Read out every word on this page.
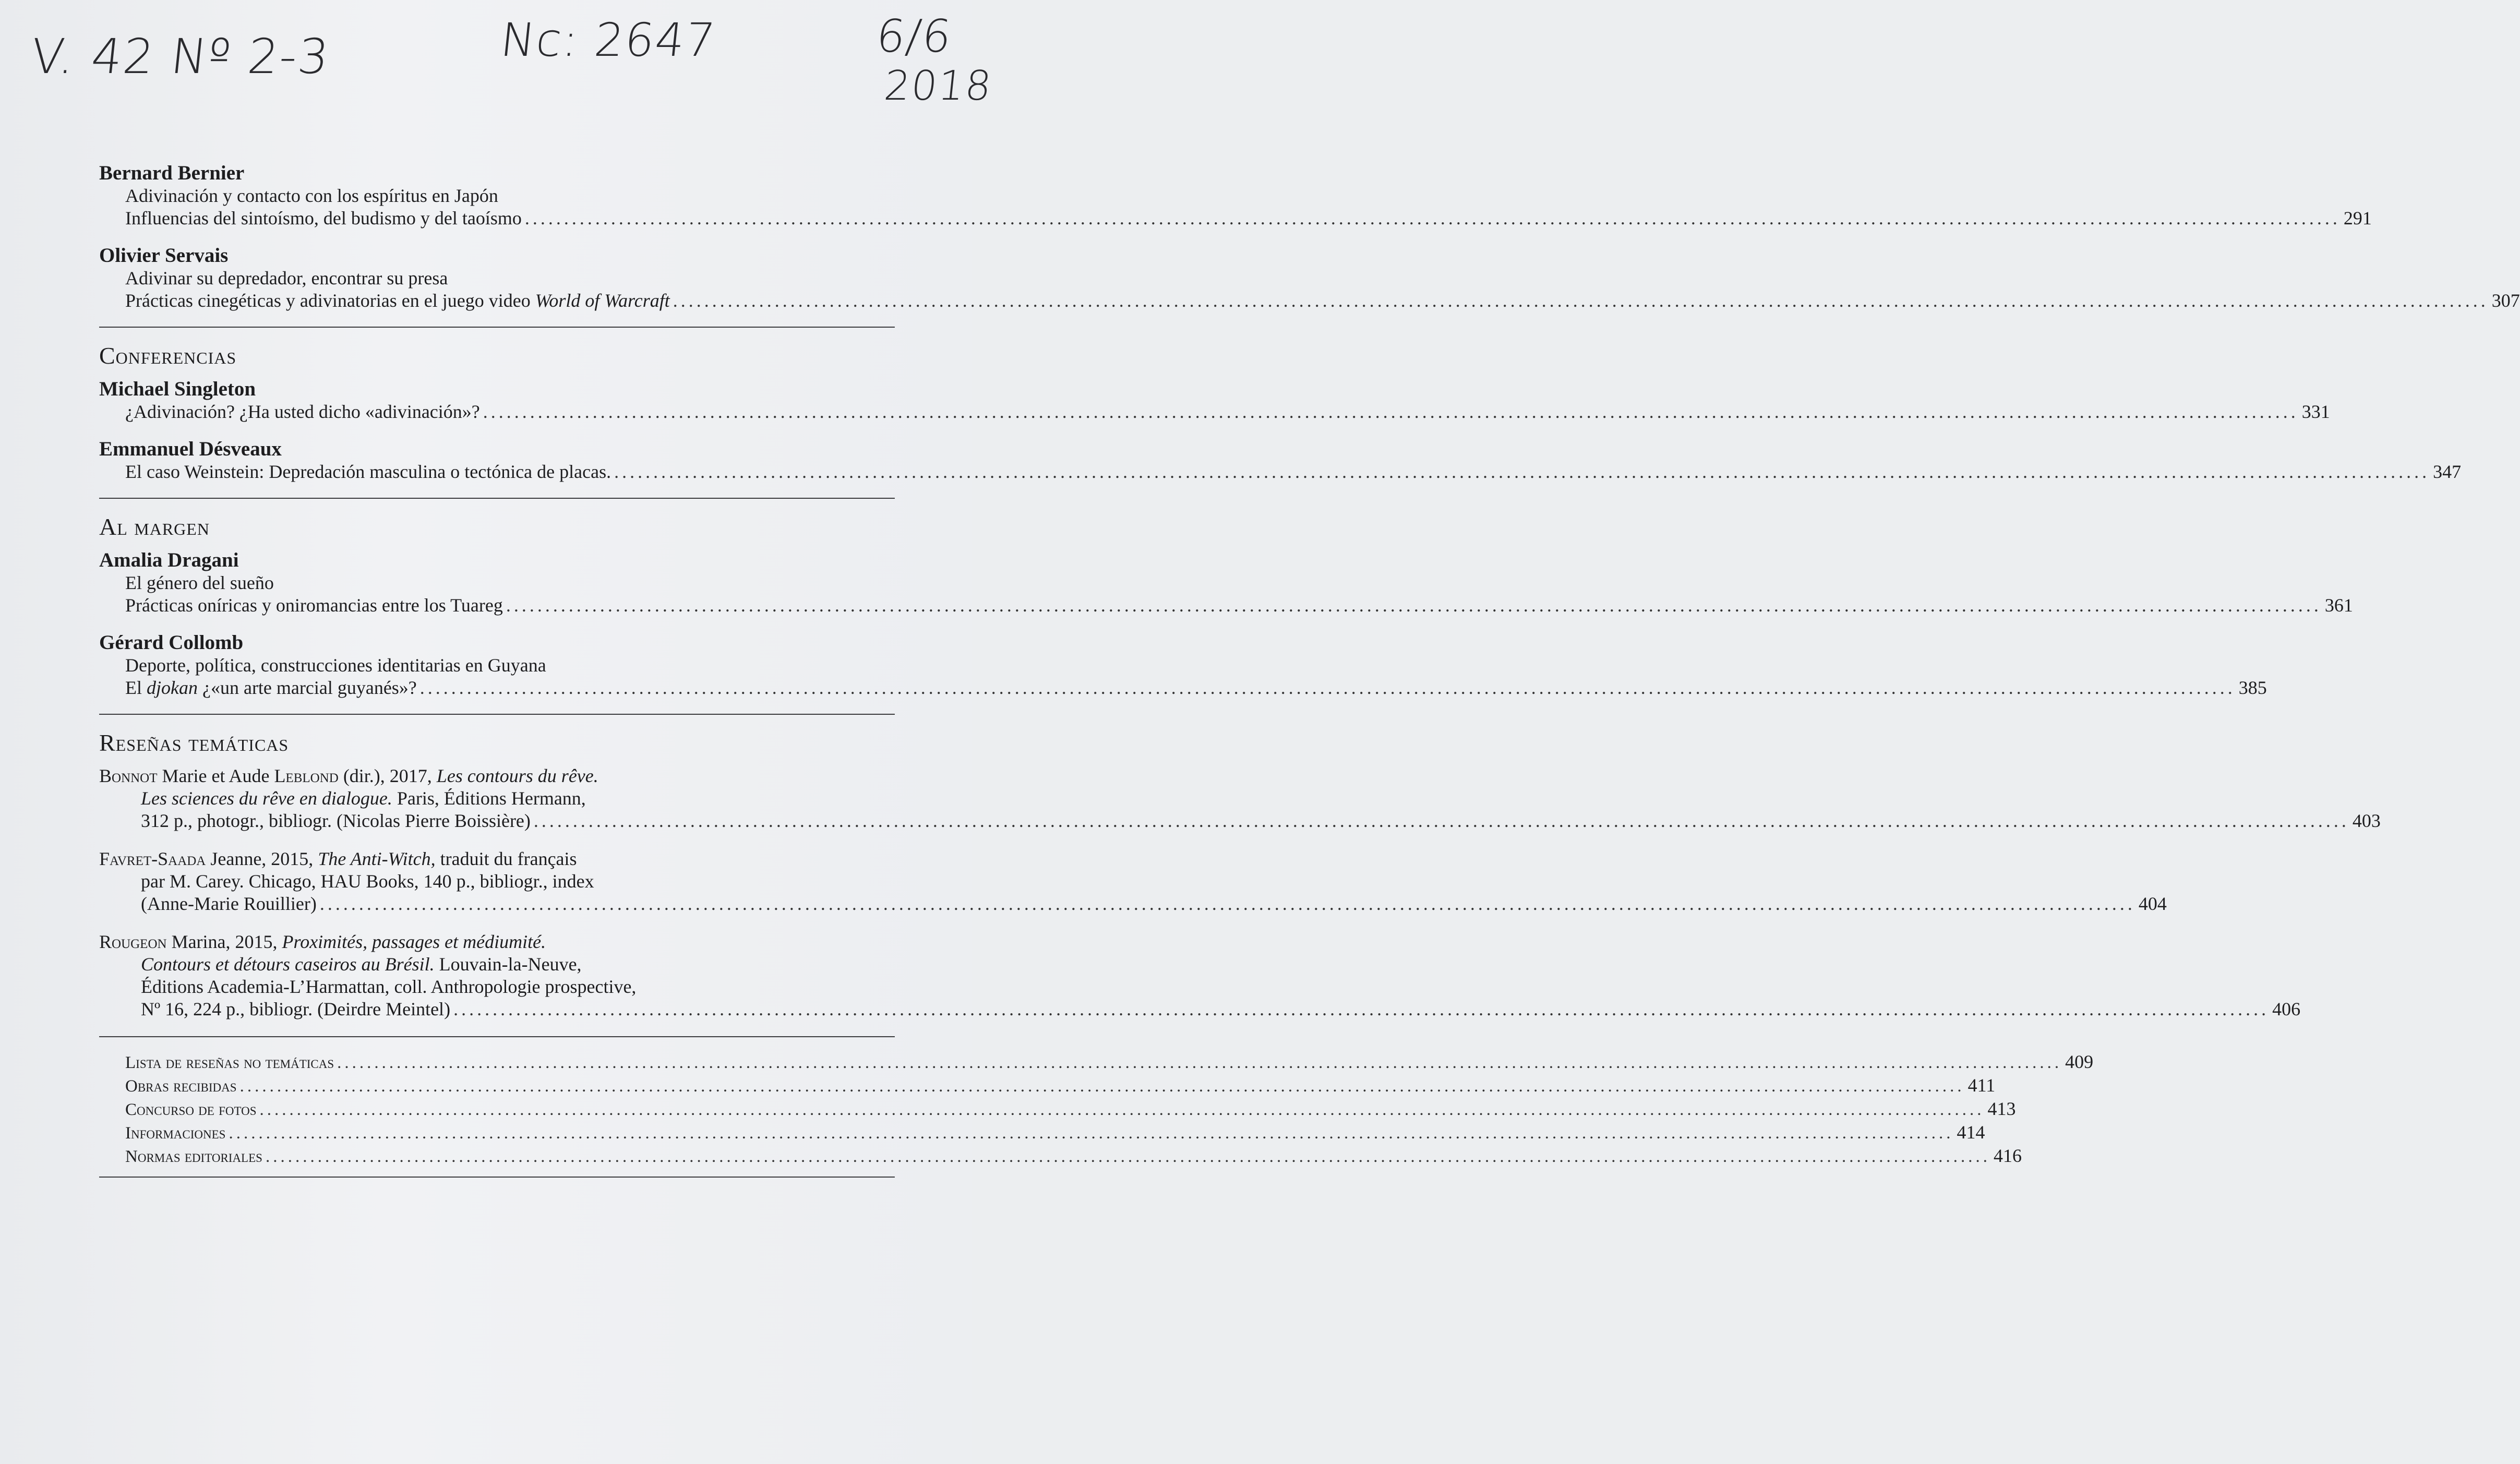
V. 42 Nº 2-3	Nc: 2647	6/6
2018
Bernard Bernier
Adivinación y contacto con los espíritus en Japón
Influencias del sintoísmo, del budismo y del taoísmo .....	291
Olivier Servais
Adivinar su depredador, encontrar su presa
Prácticas cinegéticas y adivinatorias en el juego video World of Warcraft .....	307
Conferencias
Michael Singleton
¿Adivinación? ¿Ha usted dicho «adivinación»? .....	331
Emmanuel Désveaux
El caso Weinstein: Depredación masculina o tectónica de placas. .....	347
Al margen
Amalia Dragani
El género del sueño
Prácticas oníricas y oniromancias entre los Tuareg .....	361
Gérard Collomb
Deporte, política, construcciones identitarias en Guyana
El djokan ¿«un arte marcial guyanés»? .....	385
Reseñas temáticas
Bonnot Marie et Aude Leblond (dir.), 2017, Les contours du rêve.
Les sciences du rêve en dialogue. Paris, Éditions Hermann,
312 p., photogr., bibliogr. (Nicolas Pierre Boissière) .....	403
Favret-Saada Jeanne, 2015, The Anti-Witch, traduit du français
par M. Carey. Chicago, HAU Books, 140 p., bibliogr., index
(Anne-Marie Rouillier) .....	404
Rougeon Marina, 2015, Proximités, passages et médiumité.
Contours et détours caseiros au Brésil. Louvain-la-Neuve,
Éditions Academia-L’Harmattan, coll. Anthropologie prospective,
Nº 16, 224 p., bibliogr. (Deirdre Meintel) .....	406
Lista de reseñas no temáticas .....	409
Obras recibidas .....	411
Concurso de fotos .....	413
Informaciones .....	414
Normas editoriales .....	416
